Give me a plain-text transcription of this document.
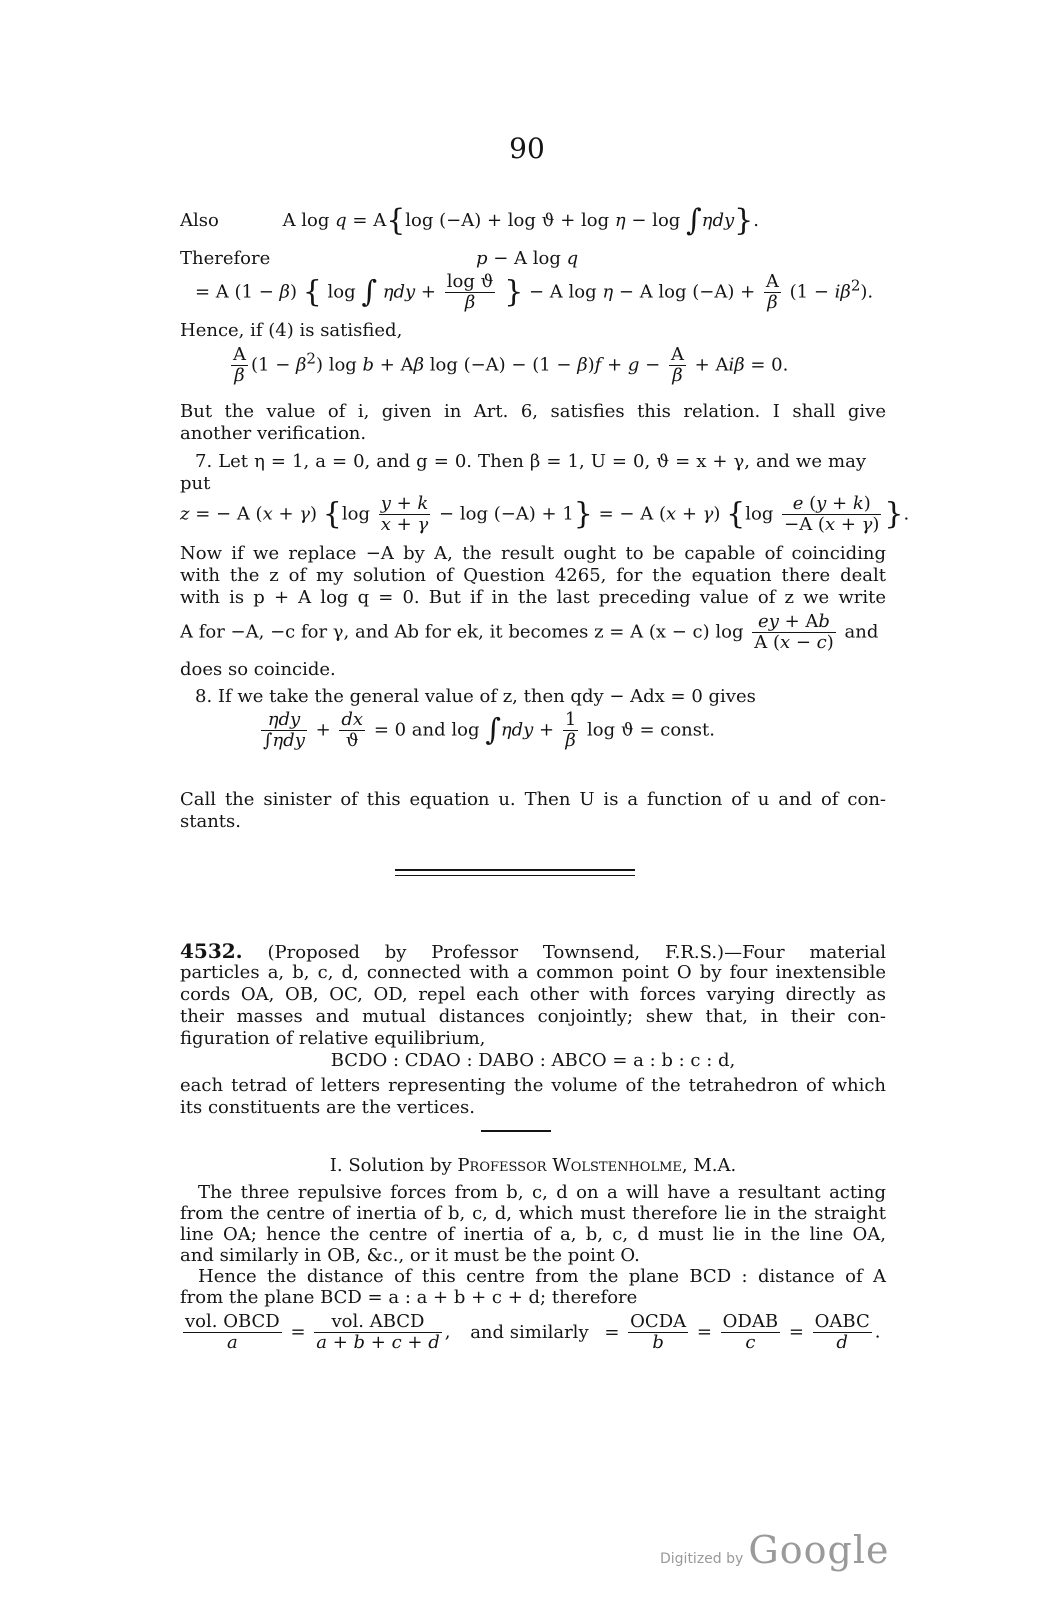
90
Also	A log q = A{log (−A) + log ϑ + log η − log ∫ηdy}.
Therefore	p − A log q
= A (1 − β) { log ∫ $\eta dy + \frac{\text{log ϑ}}{\beta}$ } − A log η − A $\log (-A) + \frac{A}{\beta} (1 - i\beta^2)$.
Hence, if (4) is satisfied,
$\frac{A}{\beta} (1 - \beta^2)$ log b + Aβ $\log (-A) - (1 - \beta)f + g - \frac{A}{\beta} + Ai\beta = 0$.
But the value of i, given in Art. 6, satisfies this relation. I shall give
another verification.
7. Let η = 1, a = 0, and g = 0. Then β = 1, U = 0, ϑ = x + γ, and we may
put
z = − A (x + γ) $\{\log \frac{y + k}{x + \gamma} - \log (-A) + 1\}$ = − A (x + γ) {$\log \frac{e (y + k)}{-A (x + \gamma)}$ }.
Now if we replace −A by A, the result ought to be capable of coinciding
with the z of my solution of Question 4265, for the equation there dealt
with is p + A log q = 0. But if in the last preceding value of z we write
A for −A, −c for γ, and Ab for ek, it becomes z = A (x − c) $\log \frac{ey + Ab}{A (x - c)}$ and
does so coincide.
8. If we take the general value of z, then qdy − Adx = 0 gives
$\frac{\text{ηdy}}{\text{∫ηdy}} + \frac{dx}{ϑ} = 0$ and $\log \int\eta dy + \frac{1}{\beta}$ log ϑ = const.
Call the sinister of this equation u. Then U is a function of u and of con-
stants.
4532. (Proposed by Professor Townsend, F.R.S.)—Four material
particles a, b, c, d, connected with a common point O by four inextensible
cords OA, OB, OC, OD, repel each other with forces varying directly as
their masses and mutual distances conjointly; shew that, in their con-
figuration of relative equilibrium,
BCDO : CDAO : DABO : ABCO = a : b : c : d,
each tetrad of letters representing the volume of the tetrahedron of which
its constituents are the vertices.
I. Solution by Professor Wolstenholme, M.A.
The three repulsive forces from b, c, d on a will have a resultant acting
from the centre of inertia of b, c, d, which must therefore lie in the straight
line OA; hence the centre of inertia of a, b, c, d must lie in the line OA,
and similarly in OB, &c., or it must be the point O.
Hence the distance of this centre from the plane BCD : distance of A
from the plane BCD = a : a + b + c + d; therefore
$\frac{\text{vol. OBCD}}{a} = \frac{\text{vol. ABCD}}{a + b + c + d}$ , and similarly = $\frac{\text{OCDA}}{b} = \frac{\text{ODAB}}{c} = \frac{\text{OABC}}{d}$ .
Digitized by Google
